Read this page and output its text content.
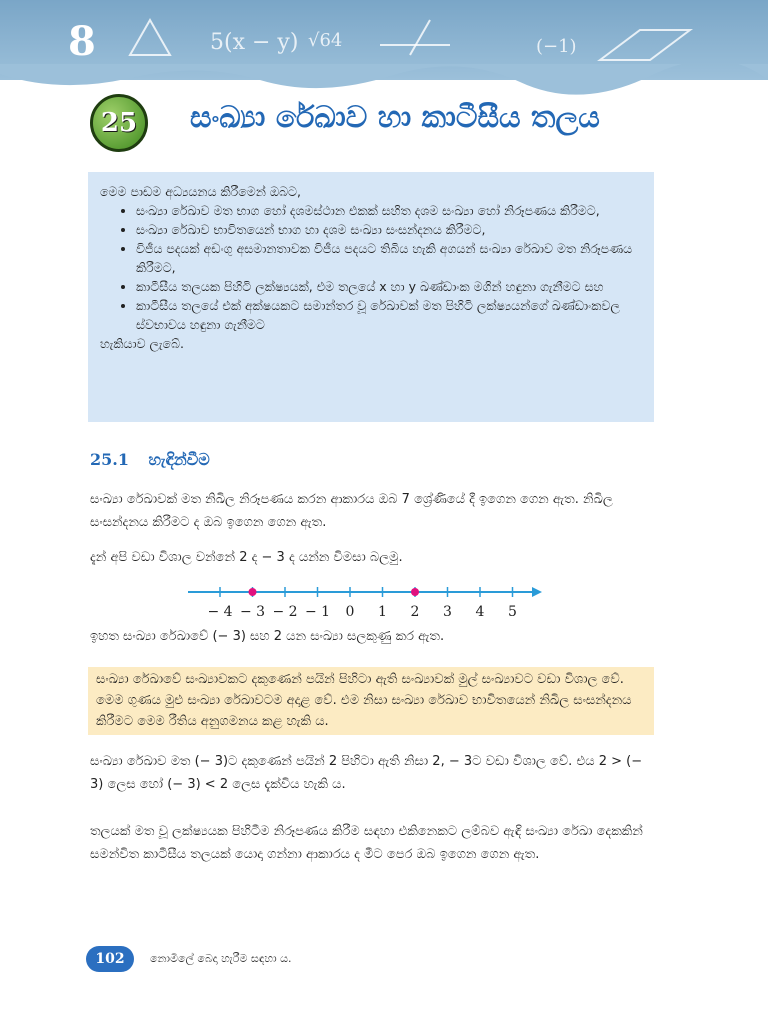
8	5(x − y) √64	(−1)
25	සංඛ්‍යා රේඛාව හා කාටීසීය තලය
මෙම පාඩම අධ්‍යයනය කිරීමෙන් ඔබට,
• සංඛ්‍යා රේඛාව මත භාග හෝ දශමස්ථාන එකක් සහිත දශම සංඛ්‍යා හෝ නිරූපණය කිරීමට,
• සංඛ්‍යා රේඛාව භාවිතයෙන් භාග හා දශම සංඛ්‍යා සංසන්දනය කිරීමට,
• විජීය පදයක් අඩංගු අසමානතාවක විජීය පදයට තිබිය හැකි අගයන් සංඛ්‍යා රේඛාව මත නිරූපණය කිරීමට,
• කාටීසීය තලයක පිහිටි ලක්ෂ්‍යයක්, එම තලයේ x හා y ඛණ්ඩාංක මගින් හඳුනා ගැනීමට සහ
• කාටීසීය තලයේ එක් අක්ෂයකට සමාන්තර වූ රේඛාවක් මත පිහිටි ලක්ෂ්‍යයන්ගේ ඛණ්ඩාංකවල ස්වභාවය හඳුනා ගැනීමට
හැකියාව ලැබේ.
25.1 හැඳින්වීම
සංඛ්‍යා රේඛාවක් මත නිඛිල නිරූපණය කරන ආකාරය ඔබ 7 ශ්‍රේණියේ දී ඉගෙන ගෙන ඇත. නිඛිල සංසන්දනය කිරීමට ද ඔබ ඉගෙන ගෙන ඇත.
දැන් අපි වඩා විශාල වන්නේ 2 ද − 3 ද යන්න විමසා බලමු.
− 4 − 3 − 2 − 1 0 1 2 3 4 5
ඉහත සංඛ්‍යා රේඛාවේ (− 3) සහ 2 යන සංඛ්‍යා සලකුණු කර ඇත.
සංඛ්‍යා රේඛාවේ සංඛ්‍යාවකට දකුණෙන් පයින් පිහිටා ඇති සංඛ්‍යාවක් මුල් සංඛ්‍යාවට වඩා විශාල වේ. මෙම ගුණය මුළු සංඛ්‍යා රේඛාවටම අදාළ වේ. එම නිසා සංඛ්‍යා රේඛාව භාවිතයෙන් නිඛිල සංසන්දනය කිරීමට මෙම රීතිය අනුගමනය කළ හැකි ය.
සංඛ්‍යා රේඛාව මත (− 3)ට දකුණෙන් පයින් 2 පිහිටා ඇති නිසා 2, − 3ට වඩා විශාල වේ. එය 2 > (− 3) ලෙස හෝ (− 3) < 2 ලෙස දැක්විය හැකි ය.
තලයක් මත වූ ලක්ෂ්‍යයක පිහිටීම නිරූපණය කිරීම සඳහා එකිනෙකට ලම්බව ඇඳි සංඛ්‍යා රේඛා දෙකකින් සමන්විත කාටීසීය තලයක් යොදා ගන්නා ආකාරය ද මීට පෙර ඔබ ඉගෙන ගෙන ඇත.
102	නොමිලේ බෙදා හැරීම සඳහා ය.
